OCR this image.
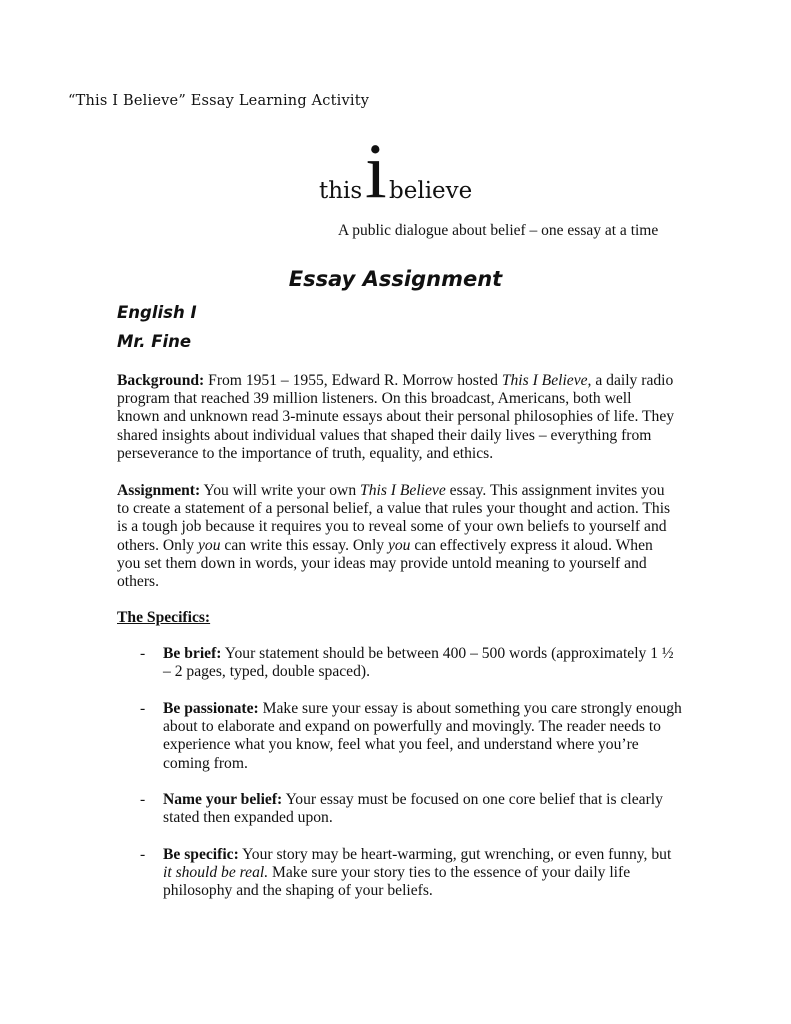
“This I Believe” Essay Learning Activity
this i believe
A public dialogue about belief – one essay at a time
Essay Assignment
English I
Mr. Fine
Background: From 1951 – 1955, Edward R. Morrow hosted This I Believe, a daily radio program that reached 39 million listeners. On this broadcast, Americans, both well known and unknown read 3-minute essays about their personal philosophies of life. They shared insights about individual values that shaped their daily lives – everything from perseverance to the importance of truth, equality, and ethics.
Assignment: You will write your own This I Believe essay. This assignment invites you to create a statement of a personal belief, a value that rules your thought and action. This is a tough job because it requires you to reveal some of your own beliefs to yourself and others. Only you can write this essay. Only you can effectively express it aloud. When you set them down in words, your ideas may provide untold meaning to yourself and others.
The Specifics:
- Be brief: Your statement should be between 400 – 500 words (approximately 1 ½ – 2 pages, typed, double spaced).
- Be passionate: Make sure your essay is about something you care strongly enough about to elaborate and expand on powerfully and movingly. The reader needs to experience what you know, feel what you feel, and understand where you’re coming from.
- Name your belief: Your essay must be focused on one core belief that is clearly stated then expanded upon.
- Be specific: Your story may be heart-warming, gut wrenching, or even funny, but it should be real. Make sure your story ties to the essence of your daily life philosophy and the shaping of your beliefs.
